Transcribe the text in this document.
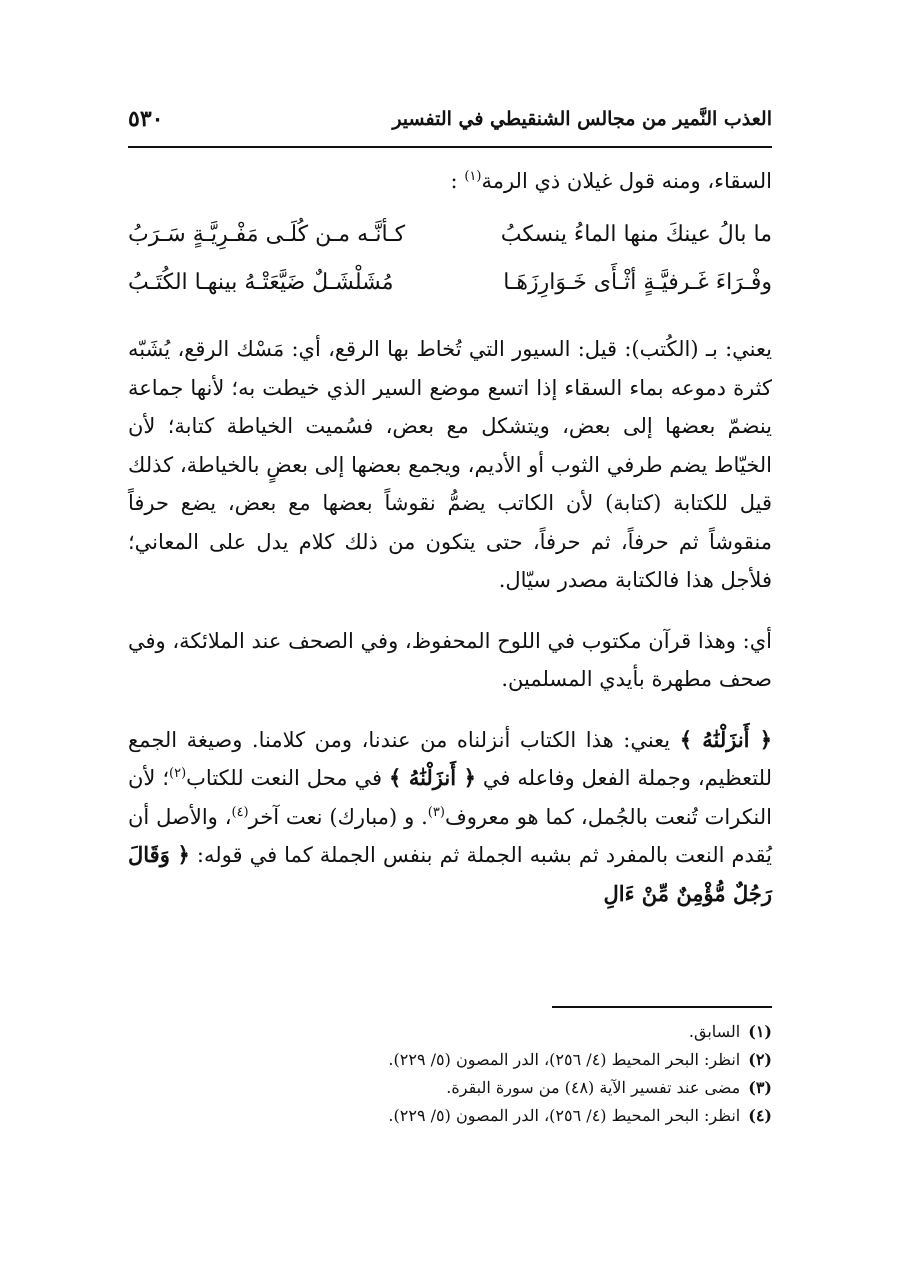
العذب النَّمير من مجالس الشنقيطي في التفسير
٥٣٠

السقاء، ومنه قول غيلان ذي الرمة$^{(١)}$ :

ما بالُ عينكَ منها الماءُ ينسكبُ
كـأنَّـه مـن كُلَـى مَفْـرِيَّـةٍ سَـرَبُ
وفْـرَاءَ غَـرفيَّـةٍ أثْـأَى خَـوَارِزَهَـا
مُشَلْشَـلٌ ضَيَّعَتْـهُ بينهـا الكُتَـبُ

يعني: بـ (الكُتب): قيل: السيور التي تُخاط بها الرقع، أي: مَسْك الرقع، يُشَبّه كثرة دموعه بماء السقاء إذا اتسع موضع السير الذي خيطت به؛ لأنها جماعة ينضمّ بعضها إلى بعض، ويتشكل مع بعض، فسُميت الخياطة كتابة؛ لأن الخيّاط يضم طرفي الثوب أو الأديم، ويجمع بعضها إلى بعضٍ بالخياطة، كذلك قيل للكتابة (كتابة) لأن الكاتب يضمُّ نقوشاً بعضها مع بعض، يضع حرفاً منقوشاً ثم حرفاً، ثم حرفاً، حتى يتكون من ذلك كلام يدل على المعاني؛ فلأجل هذا فالكتابة مصدر سيّال.

أي: وهذا قرآن مكتوب في اللوح المحفوظ، وفي الصحف عند الملائكة، وفي صحف مطهرة بأيدي المسلمين.

﴿ أَنزَلْنَٰهُ ﴾ يعني: هذا الكتاب أنزلناه من عندنا، ومن كلامنا. وصيغة الجمع للتعظيم، وجملة الفعل وفاعله في ﴿ أَنزَلْنَٰهُ ﴾ في محل النعت للكتاب$^{(٢)}$؛ لأن النكرات تُنعت بالجُمل، كما هو معروف$^{(٣)}$. و (مبارك) نعت آخر$^{(٤)}$، والأصل أن يُقدم النعت بالمفرد ثم بشبه الجملة ثم بنفس الجملة كما في قوله: ﴿ وَقَالَ رَجُلٌ مُّؤْمِنٌ مِّنْ ءَالِ

(١)السابق.
(٢)انظر: البحر المحيط (٤/ ٢٥٦)، الدر المصون (٥/ ٢٢٩).
(٣)مضى عند تفسير الآية (٤٨) من سورة البقرة.
(٤)انظر: البحر المحيط (٤/ ٢٥٦)، الدر المصون (٥/ ٢٢٩).
